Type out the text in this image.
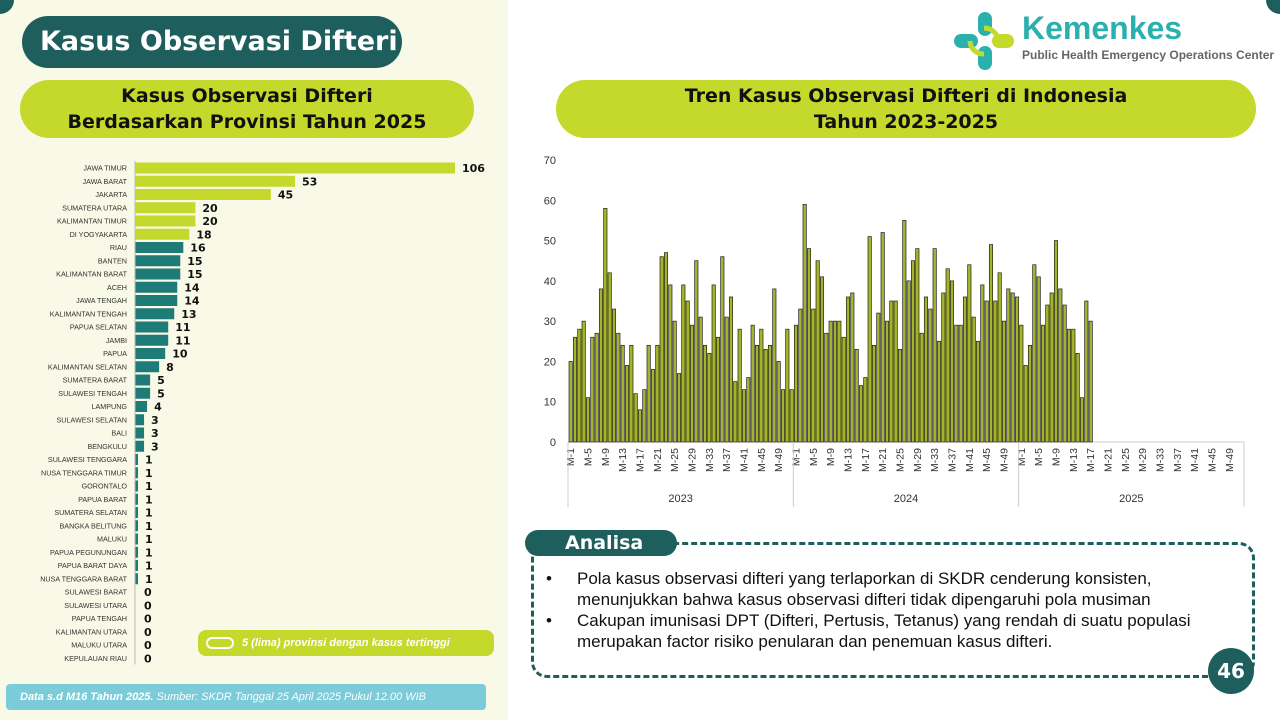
Kasus Observasi Difteri
Kasus Observasi Difteri
Berdasarkan Provinsi Tahun 2025
JAWA TIMUR	106
JAWA BARAT	53
JAKARTA	45
SUMATERA UTARA	20
KALIMANTAN TIMUR	20
DI YOGYAKARTA	18
RIAU	16
BANTEN	15
KALIMANTAN BARAT	15
ACEH	14
JAWA TENGAH	14
KALIMANTAN TENGAH	13
PAPUA SELATAN	11
JAMBI	11
PAPUA	10
KALIMANTAN SELATAN	8
SUMATERA BARAT	5
SULAWESI TENGAH	5
LAMPUNG 4
SULAWESI SELATAN 3
BALI 3
BENGKULU 3
SULAWESI TENGGARA 1
NUSA TENGGARA TIMUR 1
GORONTALO 1
PAPUA BARAT 1
SUMATERA SELATAN 1
BANGKA BELITUNG 1
MALUKU 1
PAPUA PEGUNUNGAN 1
PAPUA BARAT DAYA 1
NUSA TENGGARA BARAT 1
SULAWESI BARAT 0
SULAWESI UTARA 0
PAPUA TENGAH 0
KALIMANTAN UTARA 0
MALUKU UTARA 0
KEPULAUAN RIAU 0
5 (lima) provinsi dengan kasus tertinggi
Data s.d M16 Tahun 2025. Sumber: SKDR Tanggal 25 April 2025 Pukul 12.00 WIB
Kemenkes
Public Health Emergency Operations Center
Tren Kasus Observasi Difteri di Indonesia
Tahun 2023-2025
0
10
20
30
40
50
60
70
M-1 M-5 M-9 M-13 M-17 M-21 M-25 M-29 M-33 M-37 M-41 M-45 M-49
2023
M-1 M-5 M-9 M-13 M-17 M-21 M-25 M-29 M-33 M-37 M-41 M-45 M-49
2024
M-1 M-5 M-9 M-13 M-17 M-21 M-25 M-29 M-33 M-37 M-41 M-45 M-49
2025
Analisa
• Pola kasus observasi difteri yang terlaporkan di SKDR cenderung konsisten, menunjukkan bahwa kasus observasi difteri tidak dipengaruhi pola musiman
• Cakupan imunisasi DPT (Difteri, Pertusis, Tetanus) yang rendah di suatu populasi merupakan factor risiko penularan dan penemuan kasus difteri.
46
